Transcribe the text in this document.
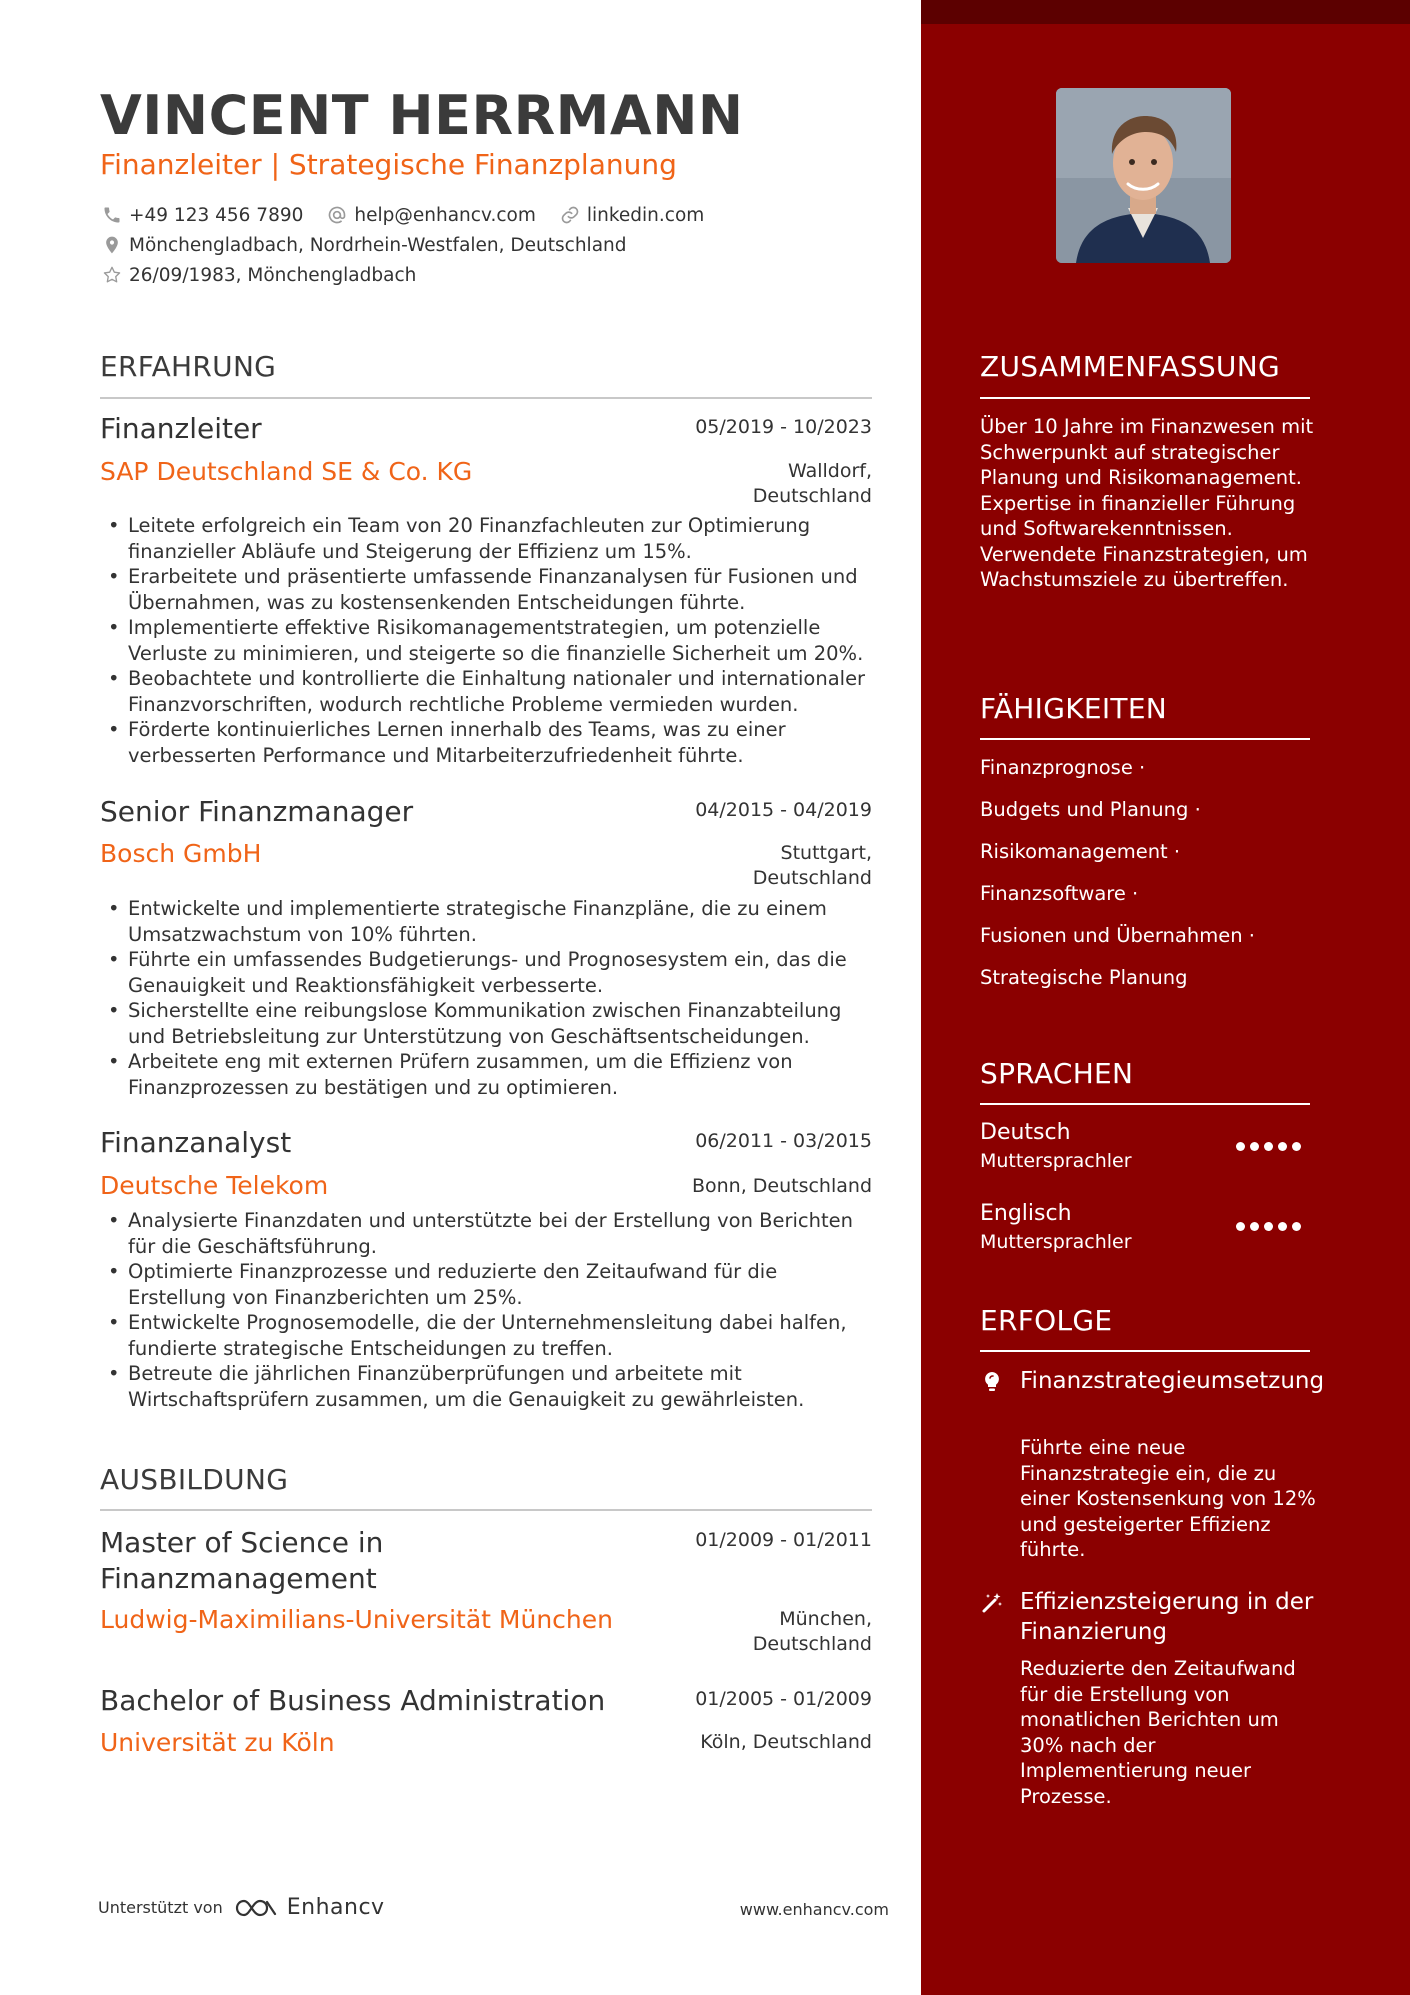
VINCENT HERRMANN
Finanzleiter | Strategische Finanzplanung
+49 123 456 7890	help@enhancv.com	linkedin.com
Mönchengladbach, Nordrhein-Westfalen, Deutschland
26/09/1983, Mönchengladbach
ERFAHRUNG
Finanzleiter	05/2019 - 10/2023
SAP Deutschland SE & Co. KG	Walldorf,
Deutschland
• Leitete erfolgreich ein Team von 20 Finanzfachleuten zur Optimierung finanzieller Abläufe und Steigerung der Effizienz um 15%.
• Erarbeitete und präsentierte umfassende Finanzanalysen für Fusionen und Übernahmen, was zu kostensenkenden Entscheidungen führte.
• Implementierte effektive Risikomanagementstrategien, um potenzielle Verluste zu minimieren, und steigerte so die finanzielle Sicherheit um 20%.
• Beobachtete und kontrollierte die Einhaltung nationaler und internationaler Finanzvorschriften, wodurch rechtliche Probleme vermieden wurden.
• Förderte kontinuierliches Lernen innerhalb des Teams, was zu einer verbesserten Performance und Mitarbeiterzufriedenheit führte.
Senior Finanzmanager	04/2015 - 04/2019
Bosch GmbH	Stuttgart,
Deutschland
• Entwickelte und implementierte strategische Finanzpläne, die zu einem Umsatzwachstum von 10% führten.
• Führte ein umfassendes Budgetierungs- und Prognosesystem ein, das die Genauigkeit und Reaktionsfähigkeit verbesserte.
• Sicherstellte eine reibungslose Kommunikation zwischen Finanzabteilung und Betriebsleitung zur Unterstützung von Geschäftsentscheidungen.
• Arbeitete eng mit externen Prüfern zusammen, um die Effizienz von Finanzprozessen zu bestätigen und zu optimieren.
Finanzanalyst	06/2011 - 03/2015
Deutsche Telekom	Bonn, Deutschland
• Analysierte Finanzdaten und unterstützte bei der Erstellung von Berichten für die Geschäftsführung.
• Optimierte Finanzprozesse und reduzierte den Zeitaufwand für die Erstellung von Finanzberichten um 25%.
• Entwickelte Prognosemodelle, die der Unternehmensleitung dabei halfen, fundierte strategische Entscheidungen zu treffen.
• Betreute die jährlichen Finanzüberprüfungen und arbeitete mit Wirtschaftsprüfern zusammen, um die Genauigkeit zu gewährleisten.
AUSBILDUNG
Master of Science in
Finanzmanagement
01/2009 - 01/2011
Ludwig-Maximilians-Universität München	München,
Deutschland
Bachelor of Business Administration	01/2005 - 01/2009
Universität zu Köln	Köln, Deutschland
Unterstützt von	Enhancv	www.enhancv.com
ZUSAMMENFASSUNG
Über 10 Jahre im Finanzwesen mit Schwerpunkt auf strategischer Planung und Risikomanagement. Expertise in finanzieller Führung und Softwarekenntnissen. Verwendete Finanzstrategien, um Wachstumsziele zu übertreffen.
FÄHIGKEITEN
Finanzprognose ·
Budgets und Planung ·
Risikomanagement ·
Finanzsoftware ·
Fusionen und Übernahmen ·
Strategische Planung
SPRACHEN
Deutsch
Muttersprachler
Englisch
Muttersprachler
ERFOLGE
Finanzstrategieumsetzung
Führte eine neue Finanzstrategie ein, die zu einer Kostensenkung von 12% und gesteigerter Effizienz führte.
Effizienzsteigerung in der Finanzierung
Reduzierte den Zeitaufwand für die Erstellung von monatlichen Berichten um 30% nach der Implementierung neuer Prozesse.
